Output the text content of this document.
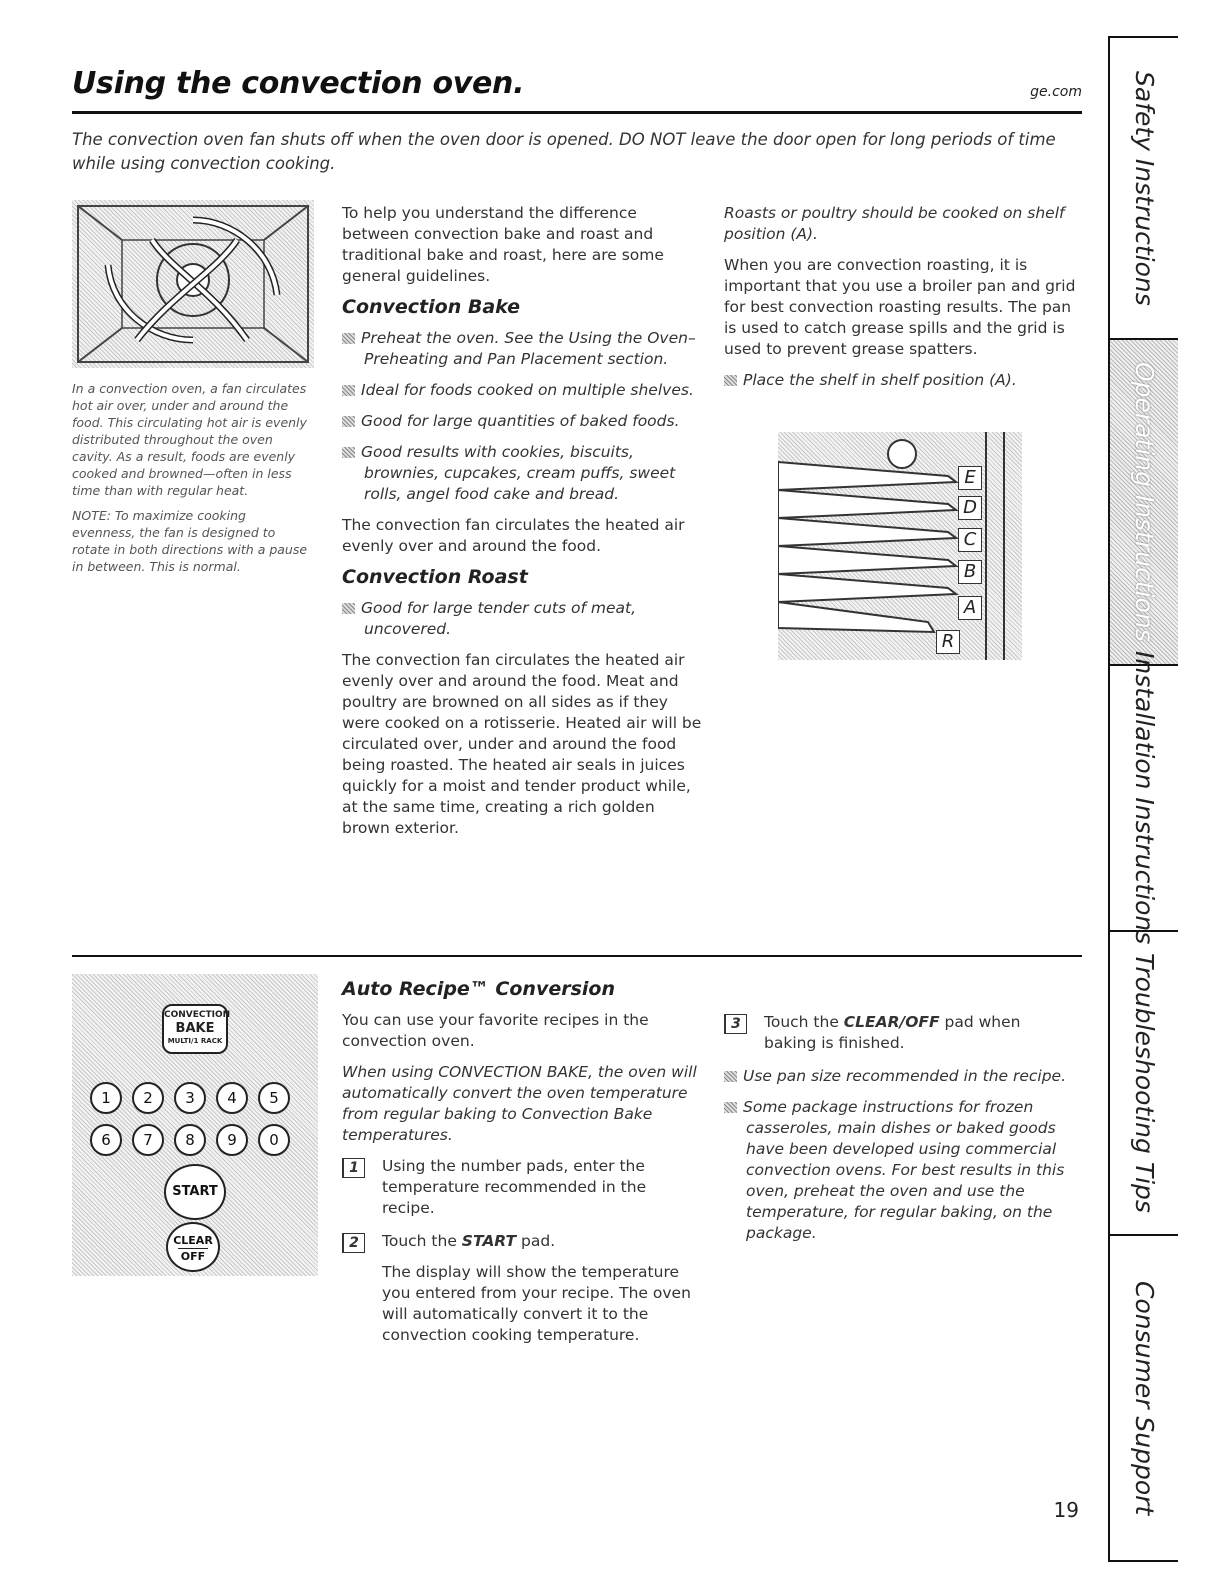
Using the convection oven.	ge.com
The convection oven fan shuts off when the oven door is opened. DO NOT leave the door open for long periods of time while using convection cooking.

In a convection oven, a fan circulates hot air over, under and around the food. This circulating hot air is evenly distributed throughout the oven cavity. As a result, foods are evenly cooked and browned—often in less time than with regular heat.

NOTE: To maximize cooking evenness, the fan is designed to rotate in both directions with a pause in between. This is normal.

To help you understand the difference between convection bake and roast and traditional bake and roast, here are some general guidelines.

Convection Bake

Preheat the oven. See the Using the Oven–Preheating and Pan Placement section.

Ideal for foods cooked on multiple shelves.

Good for large quantities of baked foods.

Good results with cookies, biscuits, brownies, cupcakes, cream puffs, sweet rolls, angel food cake and bread.

The convection fan circulates the heated air evenly over and around the food.

Convection Roast

Good for large tender cuts of meat, uncovered.

The convection fan circulates the heated air evenly over and around the food. Meat and poultry are browned on all sides as if they were cooked on a rotisserie. Heated air will be circulated over, under and around the food being roasted. The heated air seals in juices quickly for a moist and tender product while, at the same time, creating a rich golden brown exterior.

Roasts or poultry should be cooked on shelf position (A).

When you are convection roasting, it is important that you use a broiler pan and grid for best convection roasting results. The pan is used to catch grease spills and the grid is used to prevent grease spatters.

Place the shelf in shelf position (A).

E
D
C
B
A
R
CONVECTION
BAKE
MULTI/1 RACK
1	2	3	4	5
6	7	8	9	0
START
CLEAR
OFF
Auto Recipe™ Conversion

You can use your favorite recipes in the convection oven.

When using CONVECTION BAKE, the oven will automatically convert the oven temperature from regular baking to Convection Bake temperatures.

1	Using the number pads, enter the temperature recommended in the recipe.
2	Touch the START pad.

The display will show the temperature you entered from your recipe. The oven will automatically convert it to the convection cooking temperature.

3	Touch the CLEAR/OFF pad when baking is finished.

Use pan size recommended in the recipe.

Some package instructions for frozen casseroles, main dishes or baked goods have been developed using commercial convection ovens. For best results in this oven, preheat the oven and use the temperature, for regular baking, on the package.

Safety Instructions
Operating Instructions
Installation Instructions
Troubleshooting Tips
Consumer Support
19
